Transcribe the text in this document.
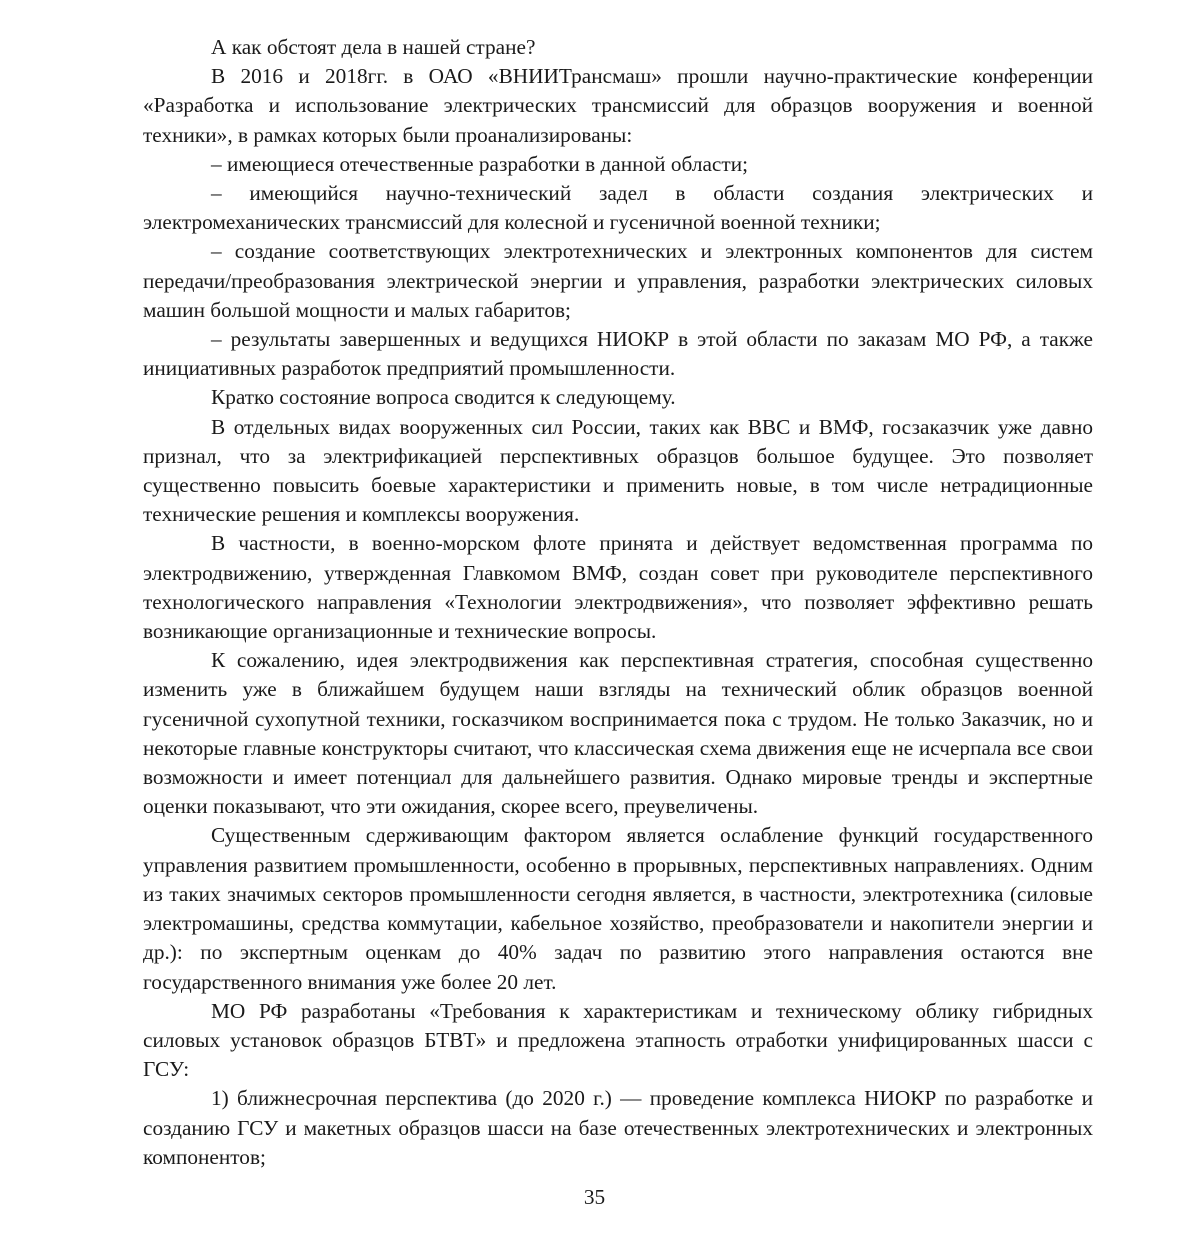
А как обстоят дела в нашей стране?

В 2016 и 2018гг. в ОАО «ВНИИТрансмаш» прошли научно-практические конференции «Разработка и использование электрических трансмиссий для образцов вооружения и военной техники», в рамках которых были проанализированы:

– имеющиеся отечественные разработки в данной области;

– имеющийся научно-технический задел в области создания электрических и электромеханических трансмиссий для колесной и гусеничной военной техники;

– создание соответствующих электротехнических и электронных компонентов для систем передачи/преобразования электрической энергии и управления, разработки электрических силовых машин большой мощности и малых габаритов;

– результаты завершенных и ведущихся НИОКР в этой области по заказам МО РФ, а также инициативных разработок предприятий промышленности.

Кратко состояние вопроса сводится к следующему.

В отдельных видах вооруженных сил России, таких как ВВС и ВМФ, госзаказчик уже давно признал, что за электрификацией перспективных образцов большое будущее. Это позволяет существенно повысить боевые характеристики и применить новые, в том числе нетрадиционные технические решения и комплексы вооружения.

В частности, в военно-морском флоте принята и действует ведомственная программа по электродвижению, утвержденная Главкомом ВМФ, создан совет при руководителе перспективного технологического направления «Технологии электродвижения», что позволяет эффективно решать возникающие организационные и технические вопросы.

К сожалению, идея электродвижения как перспективная стратегия, способная существенно изменить уже в ближайшем будущем наши взгляды на технический облик образцов военной гусеничной сухопутной техники, госказчиком воспринимается пока с трудом. Не только Заказчик, но и некоторые главные конструкторы считают, что классическая схема движения еще не исчерпала все свои возможности и имеет потенциал для дальнейшего развития. Однако мировые тренды и экспертные оценки показывают, что эти ожидания, скорее всего, преувеличены.

Существенным сдерживающим фактором является ослабление функций государственного управления развитием промышленности, особенно в прорывных, перспективных направлениях. Одним из таких значимых секторов промышленности сегодня является, в частности, электротехника (силовые электромашины, средства коммутации, кабельное хозяйство, преобразователи и накопители энергии и др.): по экспертным оценкам до 40% задач по развитию этого направления остаются вне государственного внимания уже более 20 лет.

МО РФ разработаны «Требования к характеристикам и техническому облику гибридных силовых установок образцов БТВТ» и предложена этапность отработки унифицированных шасси с ГСУ:

1) ближнесрочная перспектива (до 2020 г.) — проведение комплекса НИОКР по разработке и созданию ГСУ и макетных образцов шасси на базе отечественных электротехнических и электронных компонентов;

35
